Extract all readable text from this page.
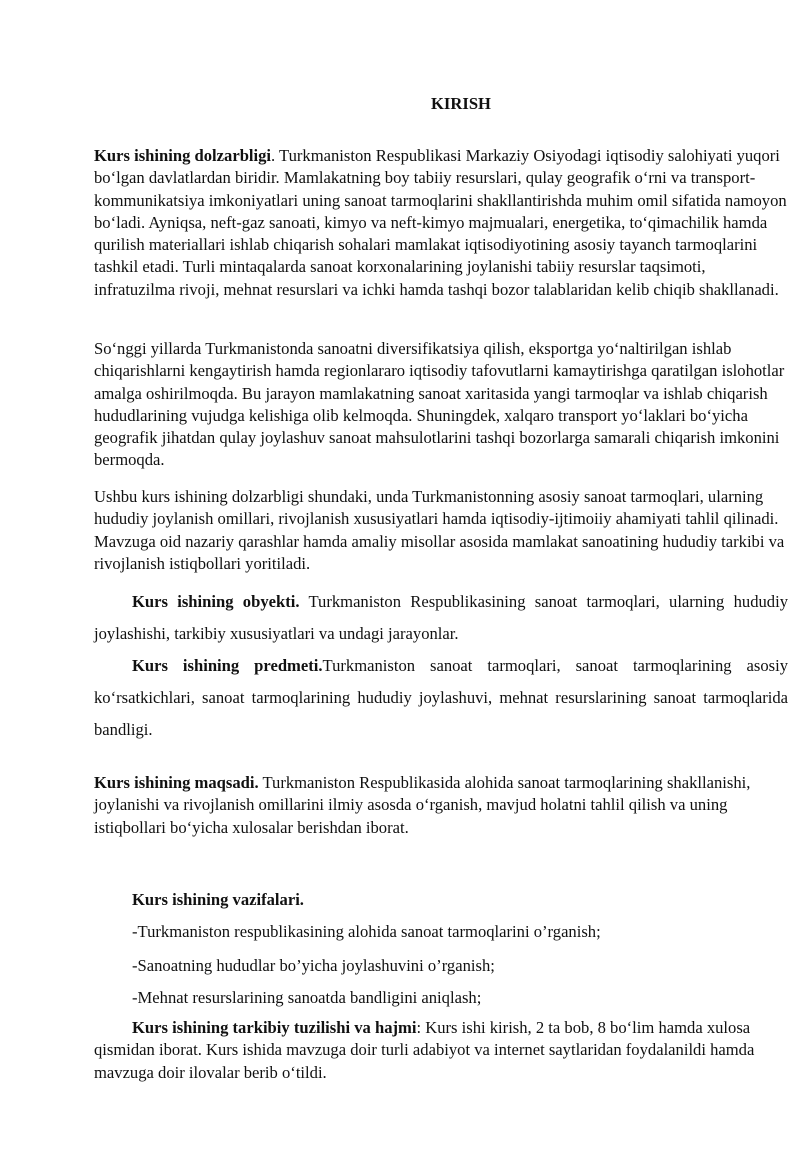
KIRISH

Kurs ishining dolzarbligi. Turkmaniston Respublikasi Markaziy Osiyodagi iqtisodiy salohiyati yuqori bo‘lgan davlatlardan biridir. Mamlakatning boy tabiiy resurslari, qulay geografik o‘rni va transport-kommunikatsiya imkoniyatlari uning sanoat tarmoqlarini shakllantirishda muhim omil sifatida namoyon bo‘ladi. Ayniqsa, neft-gaz sanoati, kimyo va neft-kimyo majmualari, energetika, to‘qimachilik hamda qurilish materiallari ishlab chiqarish sohalari mamlakat iqtisodiyotining asosiy tayanch tarmoqlarini tashkil etadi. Turli mintaqalarda sanoat korxonalarining joylanishi tabiiy resurslar taqsimoti, infratuzilma rivoji, mehnat resurslari va ichki hamda tashqi bozor talablaridan kelib chiqib shakllanadi.

So‘nggi yillarda Turkmanistonda sanoatni diversifikatsiya qilish, eksportga yo‘naltirilgan ishlab chiqarishlarni kengaytirish hamda regionlararo iqtisodiy tafovutlarni kamaytirishga qaratilgan islohotlar amalga oshirilmoqda. Bu jarayon mamlakatning sanoat xaritasida yangi tarmoqlar va ishlab chiqarish hududlarining vujudga kelishiga olib kelmoqda. Shuningdek, xalqaro transport yo‘laklari bo‘yicha geografik jihatdan qulay joylashuv sanoat mahsulotlarini tashqi bozorlarga samarali chiqarish imkonini bermoqda.

Ushbu kurs ishining dolzarbligi shundaki, unda Turkmanistonning asosiy sanoat tarmoqlari, ularning hududiy joylanish omillari, rivojlanish xususiyatlari hamda iqtisodiy-ijtimoiiy ahamiyati tahlil qilinadi. Mavzuga oid nazariy qarashlar hamda amaliy misollar asosida mamlakat sanoatining hududiy tarkibi va rivojlanish istiqbollari yoritiladi.

Kurs ishining obyekti. Turkmaniston Respublikasining sanoat tarmoqlari, ularning hududiy joylashishi, tarkibiy xususiyatlari va undagi jarayonlar.

Kurs ishining predmeti.Turkmaniston sanoat tarmoqlari, sanoat tarmoqlarining asosiy ko‘rsatkichlari, sanoat tarmoqlarining hududiy joylashuvi, mehnat resurslarining sanoat tarmoqlarida bandligi.

Kurs ishining maqsadi. Turkmaniston Respublikasida alohida sanoat tarmoqlarining shakllanishi, joylanishi va rivojlanish omillarini ilmiy asosda o‘rganish, mavjud holatni tahlil qilish va uning istiqbollari bo‘yicha xulosalar berishdan iborat.

Kurs ishining vazifalari.

-Turkmaniston respublikasining alohida sanoat tarmoqlarini o’rganish;

-Sanoatning hududlar bo’yicha joylashuvini o’rganish;

-Mehnat resurslarining sanoatda bandligini aniqlash;

Kurs ishining tarkibiy tuzilishi va hajmi: Kurs ishi kirish, 2 ta bob, 8 bo‘lim hamda xulosa qismidan iborat. Kurs ishida mavzuga doir turli adabiyot va internet saytlaridan foydalanildi hamda mavzuga doir ilovalar berib o‘tildi.
